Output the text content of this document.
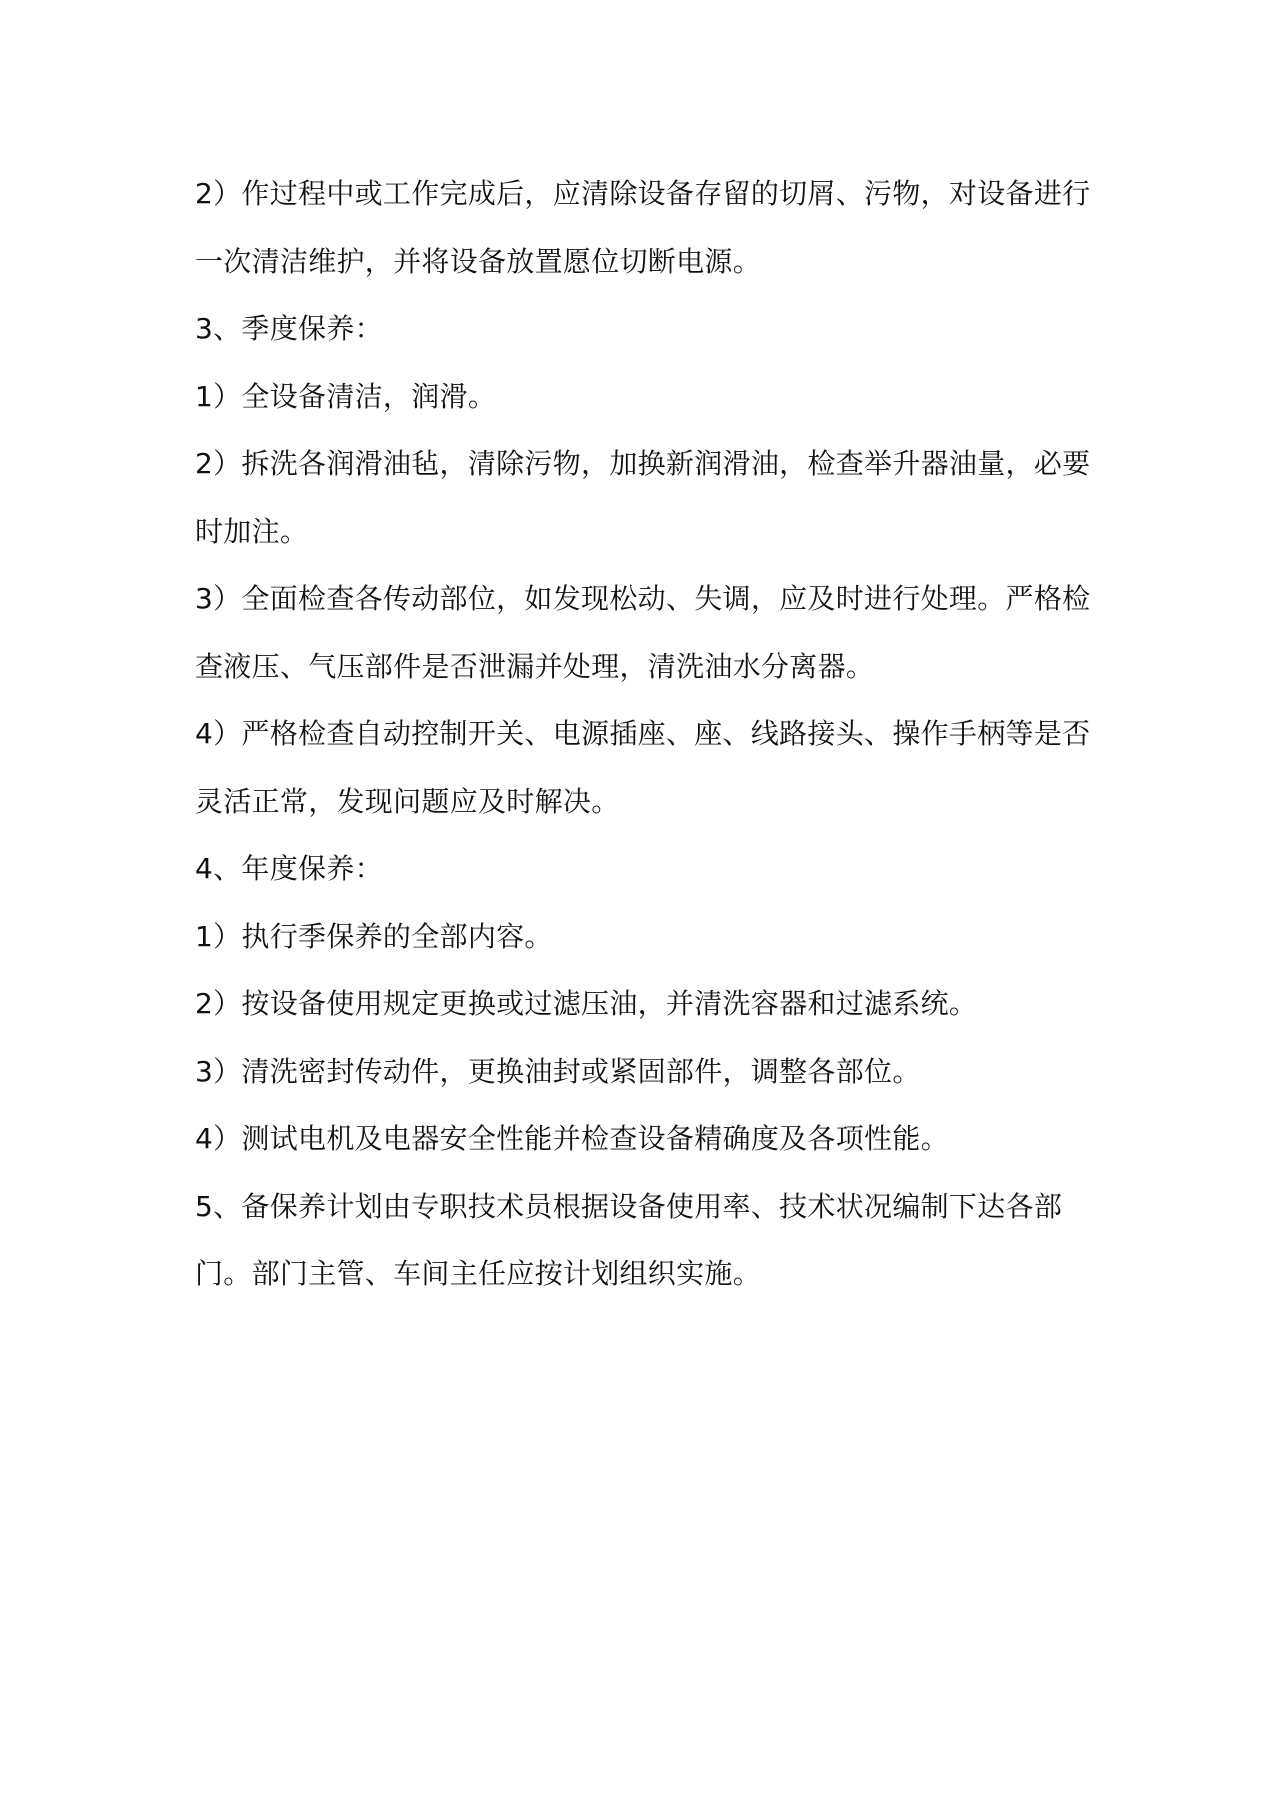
2）作过程中或工作完成后，应清除设备存留的切屑、污物，对设备进行一次清洁维护，并将设备放置愿位切断电源。

3、季度保养：

1）全设备清洁，润滑。

2）拆洗各润滑油毡，清除污物，加换新润滑油，检查举升器油量，必要时加注。

3）全面检查各传动部位，如发现松动、失调，应及时进行处理。严格检查液压、气压部件是否泄漏并处理，清洗油水分离器。

4）严格检查自动控制开关、电源插座、座、线路接头、操作手柄等是否灵活正常，发现问题应及时解决。

4、年度保养：

1）执行季保养的全部内容。

2）按设备使用规定更换或过滤压油，并清洗容器和过滤系统。

3）清洗密封传动件，更换油封或紧固部件，调整各部位。

4）测试电机及电器安全性能并检查设备精确度及各项性能。

5、备保养计划由专职技术员根据设备使用率、技术状况编制下达各部门。部门主管、车间主任应按计划组织实施。
